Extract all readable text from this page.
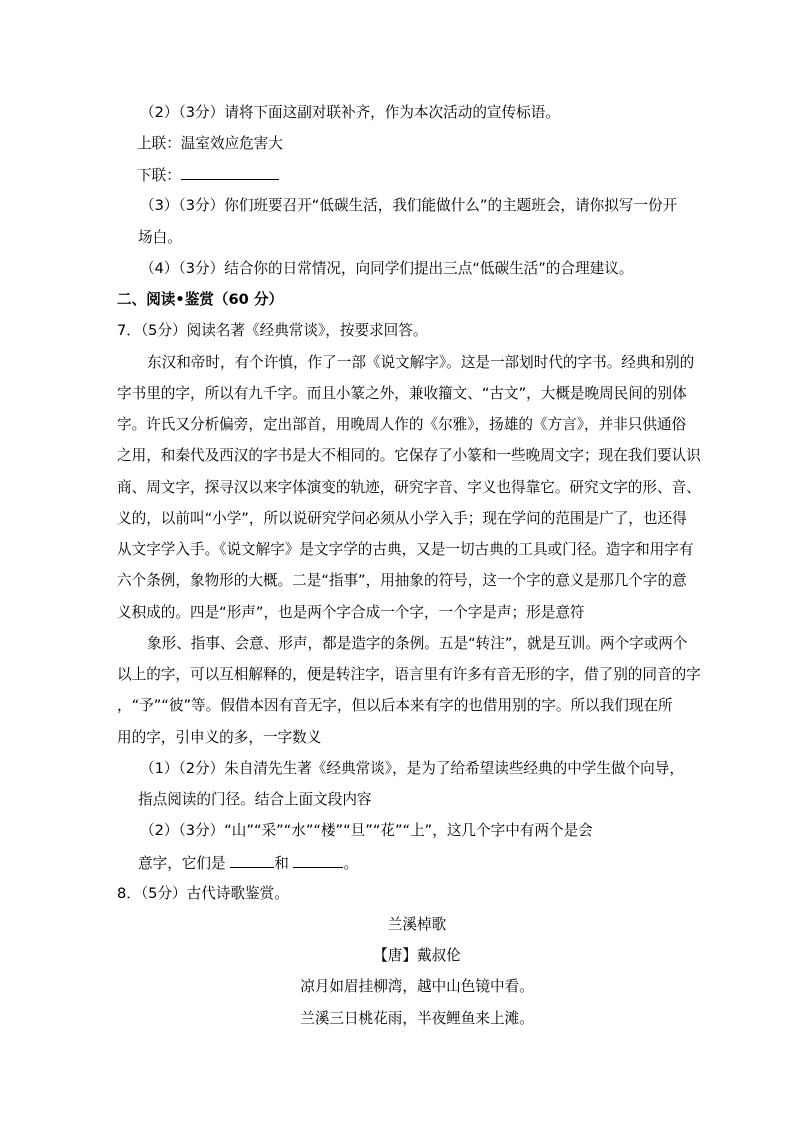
（2）（3分）请将下面这副对联补齐，作为本次活动的宣传标语。
上联：温室效应危害大
下联：
（3）（3分）你们班要召开“低碳生活，我们能做什么”的主题班会，请你拟写一份开
场白。
（4）（3分）结合你的日常情况，向同学们提出三点“低碳生活”的合理建议。
二、阅读•鉴赏（60 分）
7．（5分）阅读名著《经典常谈》，按要求回答。
东汉和帝时，有个许慎，作了一部《说文解字》。这是一部划时代的字书。经典和别的
字书里的字，所以有九千字。而且小篆之外，兼收籀文、“古文”，大概是晚周民间的别体
字。许氏又分析偏旁，定出部首，用晚周人作的《尔雅》，扬雄的《方言》，并非只供通俗
之用，和秦代及西汉的字书是大不相同的。它保存了小篆和一些晚周文字；现在我们要认识
商、周文字，探寻汉以来字体演变的轨迹，研究字音、字义也得靠它。研究文字的形、音、
义的，以前叫“小学”，所以说研究学问必须从小学入手；现在学问的范围是广了，也还得
从文字学入手。《说文解字》是文字学的古典，又是一切古典的工具或门径。造字和用字有
六个条例，象物形的大概。二是“指事”，用抽象的符号，这一个字的意义是那几个字的意
义积成的。四是“形声”，也是两个字合成一个字，一个字是声；形是意符
象形、指事、会意、形声，都是造字的条例。五是“转注”，就是互训。两个字或两个
以上的字，可以互相解释的，便是转注字，语言里有许多有音无形的字，借了别的同音的字
，“予”“彼”等。假借本因有音无字，但以后本来有字的也借用别的字。所以我们现在所
用的字，引申义的多，一字数义
（1）（2分）朱自清先生著《经典常谈》，是为了给希望读些经典的中学生做个向导，
指点阅读的门径。结合上面文段内容
（2）（3分）“山”“采”“水”“楼”“旦”“花”“上”，这几个字中有两个是会
意字，它们是	和	。
8．（5分）古代诗歌鉴赏。
兰溪棹歌
【唐】戴叔伦
凉月如眉挂柳湾，越中山色镜中看。
兰溪三日桃花雨，半夜鲤鱼来上滩。
